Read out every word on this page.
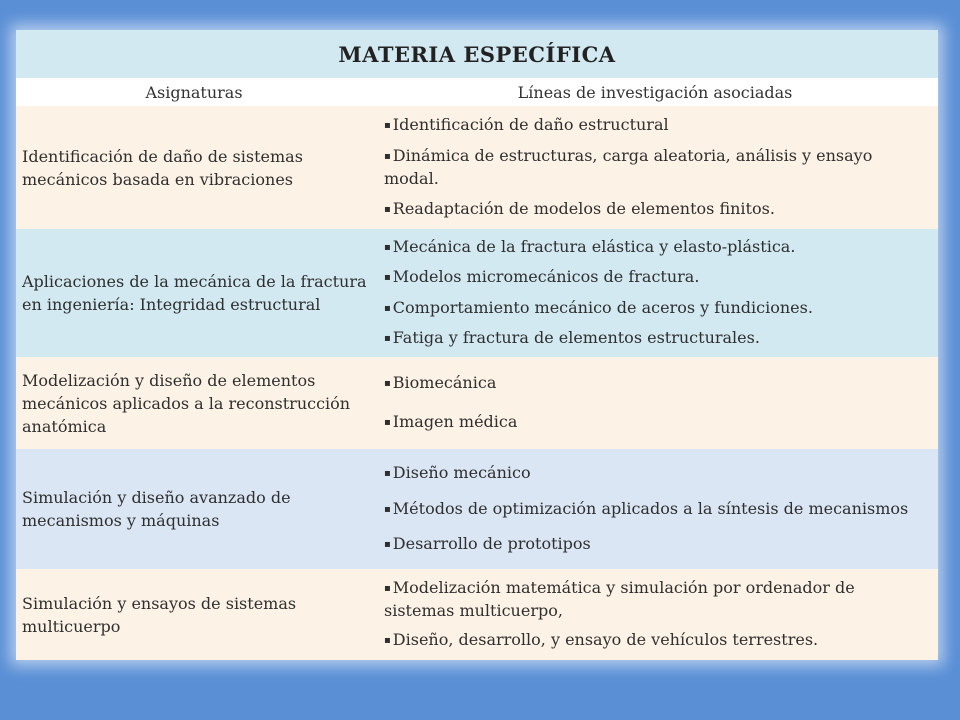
MATERIA ESPECÍFICA
Asignaturas	Líneas de investigación asociadas
Identificación de daño de sistemas mecánicos basada en vibraciones
▪ Identificación de daño estructural
▪ Dinámica de estructuras, carga aleatoria, análisis y ensayo modal.
▪ Readaptación de modelos de elementos finitos.
Aplicaciones de la mecánica de la fractura en ingeniería: Integridad estructural
▪ Mecánica de la fractura elástica y elasto-plástica.
▪ Modelos micromecánicos de fractura.
▪ Comportamiento mecánico de aceros y fundiciones.
▪ Fatiga y fractura de elementos estructurales.
Modelización y diseño de elementos mecánicos aplicados a la reconstrucción anatómica
▪ Biomecánica
▪ Imagen médica
Simulación y diseño avanzado de mecanismos y máquinas
▪ Diseño mecánico
▪ Métodos de optimización aplicados a la síntesis de mecanismos
▪ Desarrollo de prototipos
Simulación y ensayos de sistemas multicuerpo
▪ Modelización matemática y simulación por ordenador de sistemas multicuerpo,
▪ Diseño, desarrollo, y ensayo de vehículos terrestres.
